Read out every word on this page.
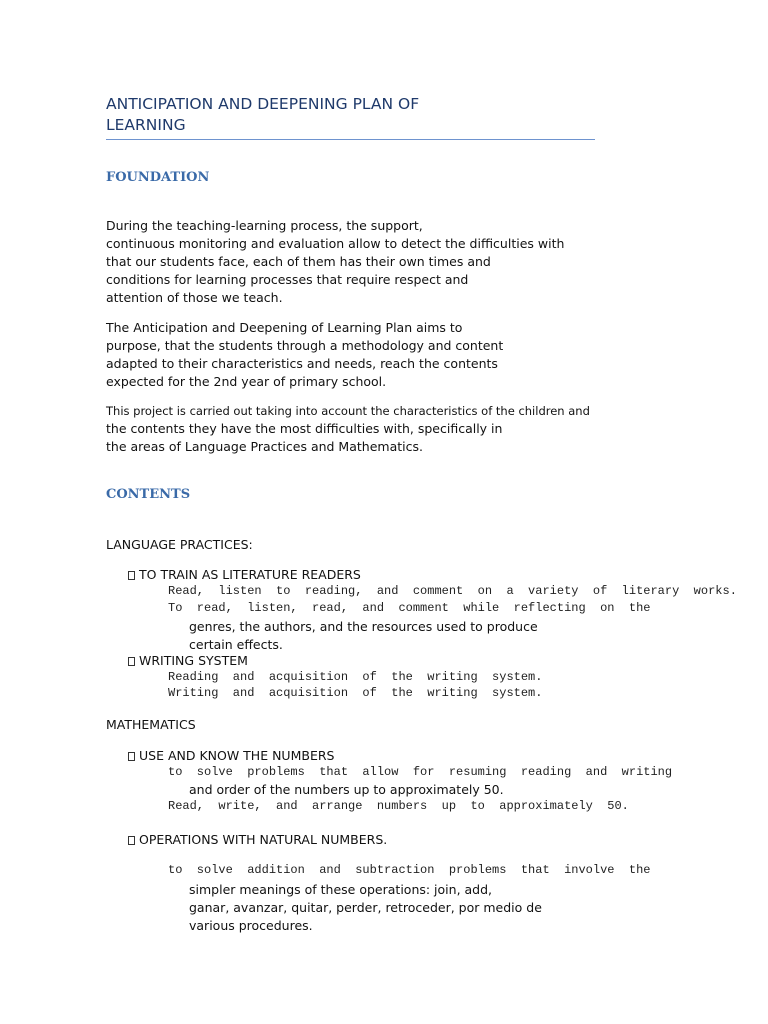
ANTICIPATION AND DEEPENING PLAN OF
LEARNING
FOUNDATION
During the teaching-learning process, the support,
continuous monitoring and evaluation allow to detect the difficulties with
that our students face, each of them has their own times and
conditions for learning processes that require respect and
attention of those we teach.
The Anticipation and Deepening of Learning Plan aims to
purpose, that the students through a methodology and content
adapted to their characteristics and needs, reach the contents
expected for the 2nd year of primary school.
This project is carried out taking into account the characteristics of the children and
the contents they have the most difficulties with, specifically in
the areas of Language Practices and Mathematics.
CONTENTS

LANGUAGE PRACTICES:

TO TRAIN AS LITERATURE READERS

Read,  listen  to  reading,  and  comment  on  a  variety  of  literary  works.

To  read,  listen,  read,  and  comment  while  reflecting  on  the

genres, the authors, and the resources used to produce
certain effects.

WRITING SYSTEM

Reading  and  acquisition  of  the  writing  system.

Writing  and  acquisition  of  the  writing  system.

MATHEMATICS

USE AND KNOW THE NUMBERS

to  solve  problems  that  allow  for  resuming  reading  and  writing

and order of the numbers up to approximately 50.

Read,  write,  and  arrange  numbers  up  to  approximately  50.

OPERATIONS WITH NATURAL NUMBERS.

to  solve  addition  and  subtraction  problems  that  involve  the

simpler meanings of these operations: join, add,
ganar, avanzar, quitar, perder, retroceder, por medio de
various procedures.
